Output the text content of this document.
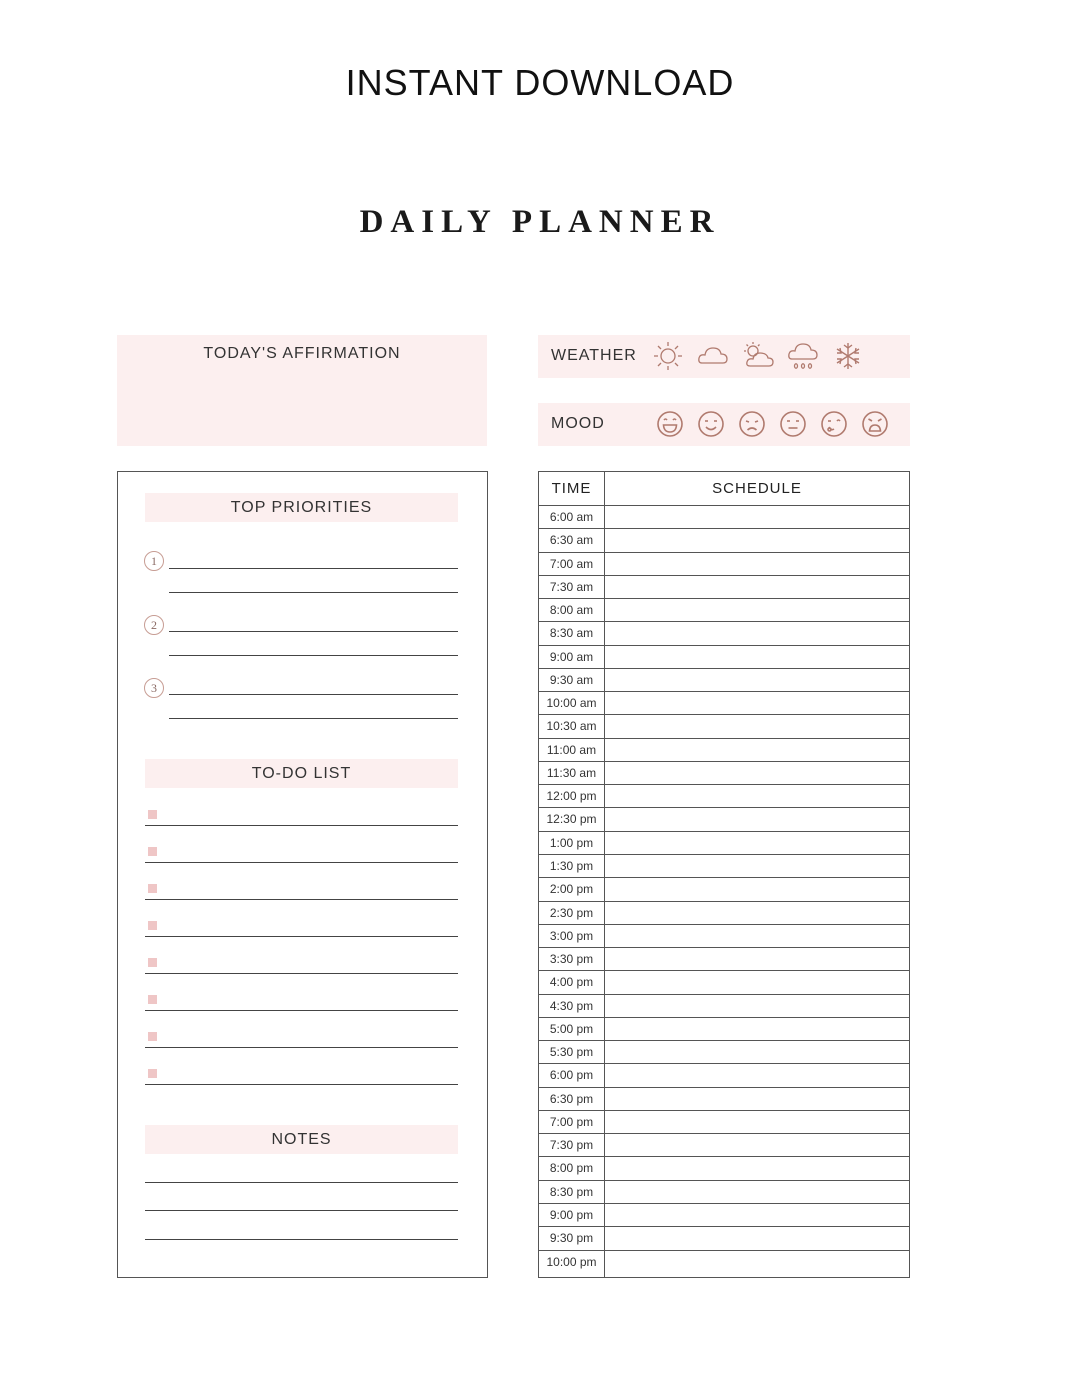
INSTANT DOWNLOAD
DAILY PLANNER
TODAY'S AFFIRMATION	WEATHER
MOOD
TOP PRIORITIES
1
2
3
TO-DO LIST
NOTES
TIME	SCHEDULE
6:00 am
6:30 am
7:00 am
7:30 am
8:00 am
8:30 am
9:00 am
9:30 am
10:00 am
10:30 am
11:00 am
11:30 am
12:00 pm
12:30 pm
1:00 pm
1:30 pm
2:00 pm
2:30 pm
3:00 pm
3:30 pm
4:00 pm
4:30 pm
5:00 pm
5:30 pm
6:00 pm
6:30 pm
7:00 pm
7:30 pm
8:00 pm
8:30 pm
9:00 pm
9:30 pm
10:00 pm
